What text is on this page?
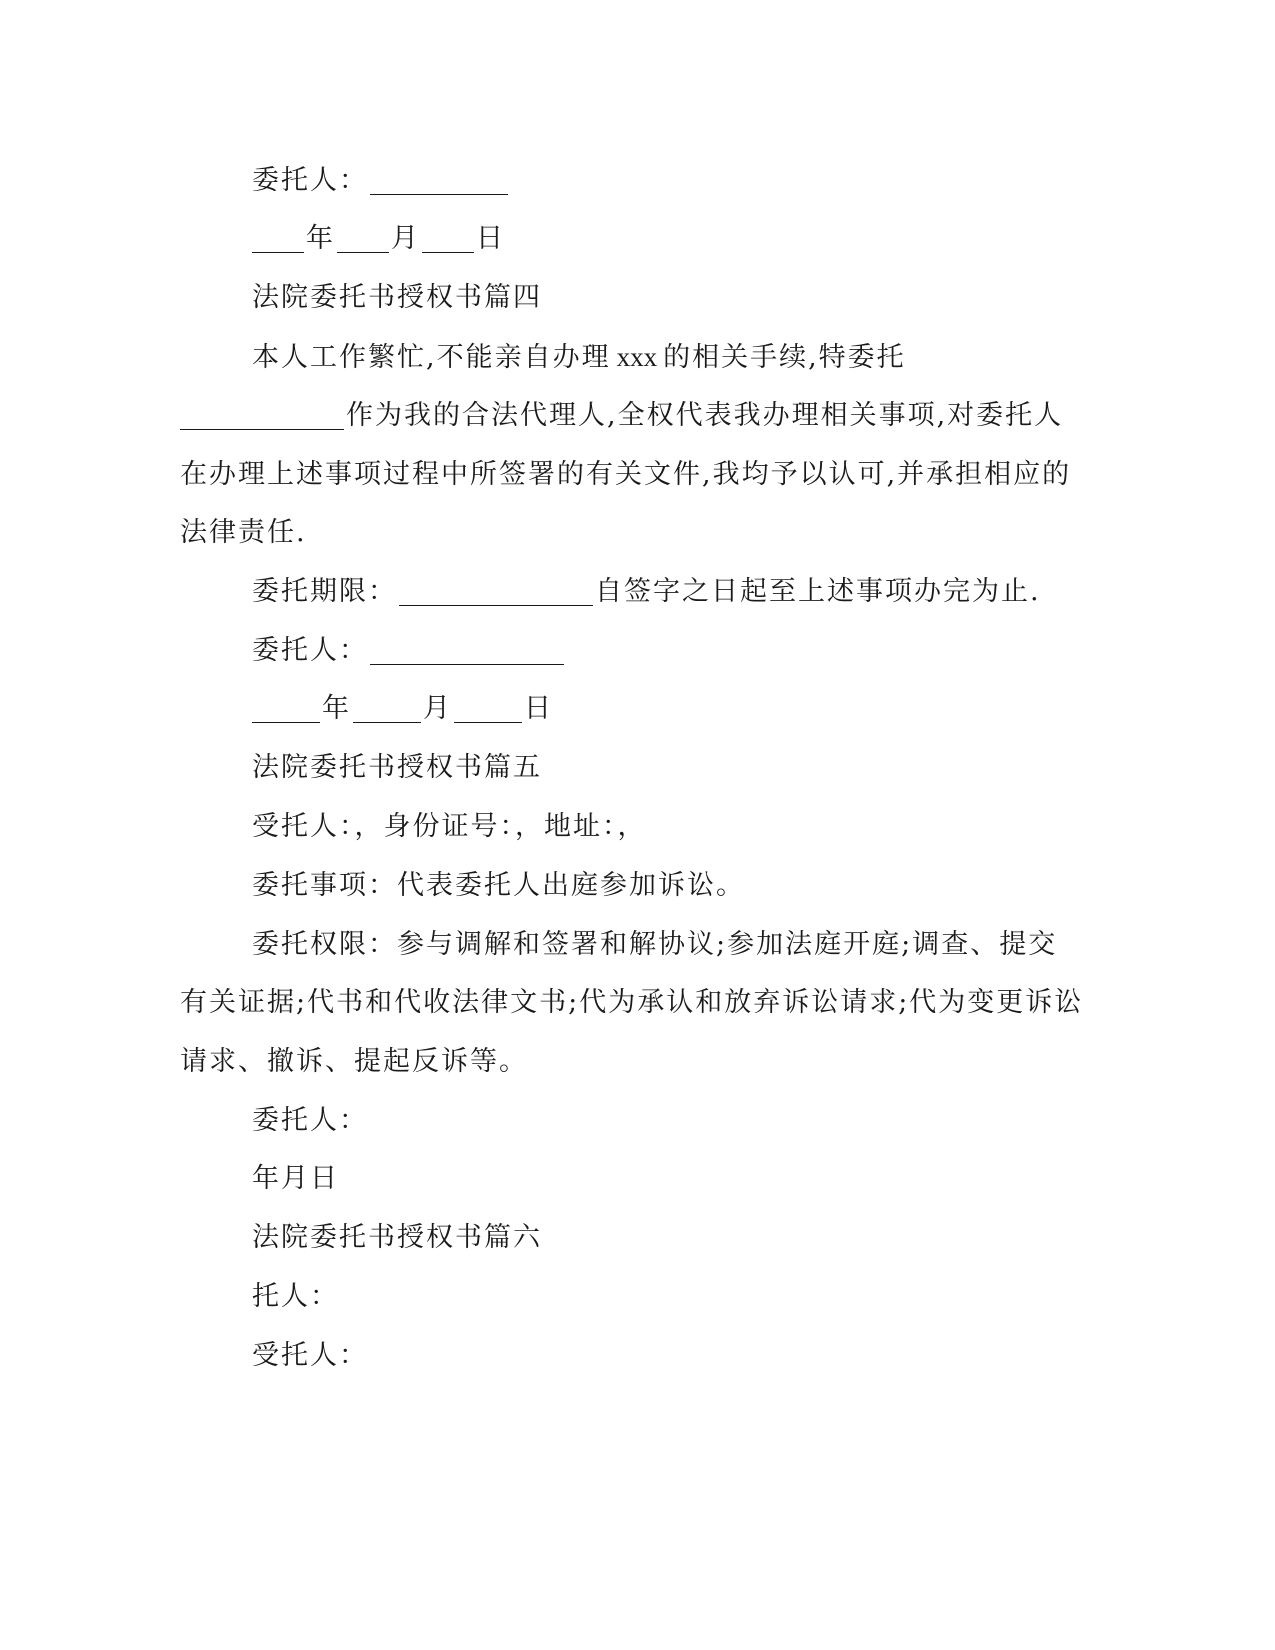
委托人：
年 月 日
法院委托书授权书篇四
本人工作繁忙,不能亲自办理 xxx 的相关手续,特委托
作为我的合法代理人,全权代表我办理相关事项,对委托人
在办理上述事项过程中所签署的有关文件,我均予以认可,并承担相应的
法律责任.
委托期限：	自签字之日起至上述事项办完为止.
委托人：
年	月	日
法院委托书授权书篇五
受托人：，身份证号：，地址：，
委托事项：代表委托人出庭参加诉讼。
委托权限：参与调解和签署和解协议;参加法庭开庭;调查、提交
有关证据;代书和代收法律文书;代为承认和放弃诉讼请求;代为变更诉讼
请求、撤诉、提起反诉等。
委托人：
年月日
法院委托书授权书篇六
托人：
受托人：
